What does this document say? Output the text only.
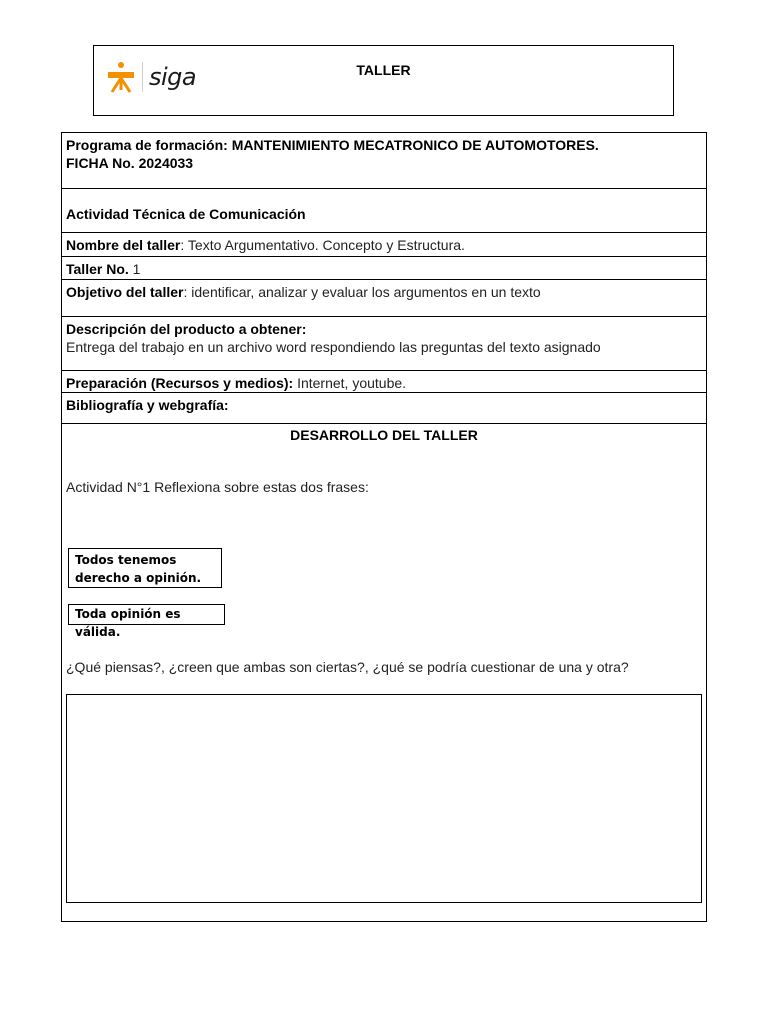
siga	TALLER
Programa de formación: MANTENIMIENTO MECATRONICO DE AUTOMOTORES.
FICHA No. 2024033
Actividad Técnica de Comunicación
Nombre del taller: Texto Argumentativo. Concepto y Estructura.
Taller No. 1
Objetivo del taller: identificar, analizar y evaluar los argumentos en un texto
Descripción del producto a obtener:
Entrega del trabajo en un archivo word respondiendo las preguntas del texto asignado
Preparación (Recursos y medios): Internet, youtube.
Bibliografía y webgrafía:
DESARROLLO DEL TALLER
Actividad N°1 Reflexiona sobre estas dos frases:
Todos tenemos
derecho a opinión.
Toda opinión es válida.
¿Qué piensas?, ¿creen que ambas son ciertas?, ¿qué se podría cuestionar de una y otra?
